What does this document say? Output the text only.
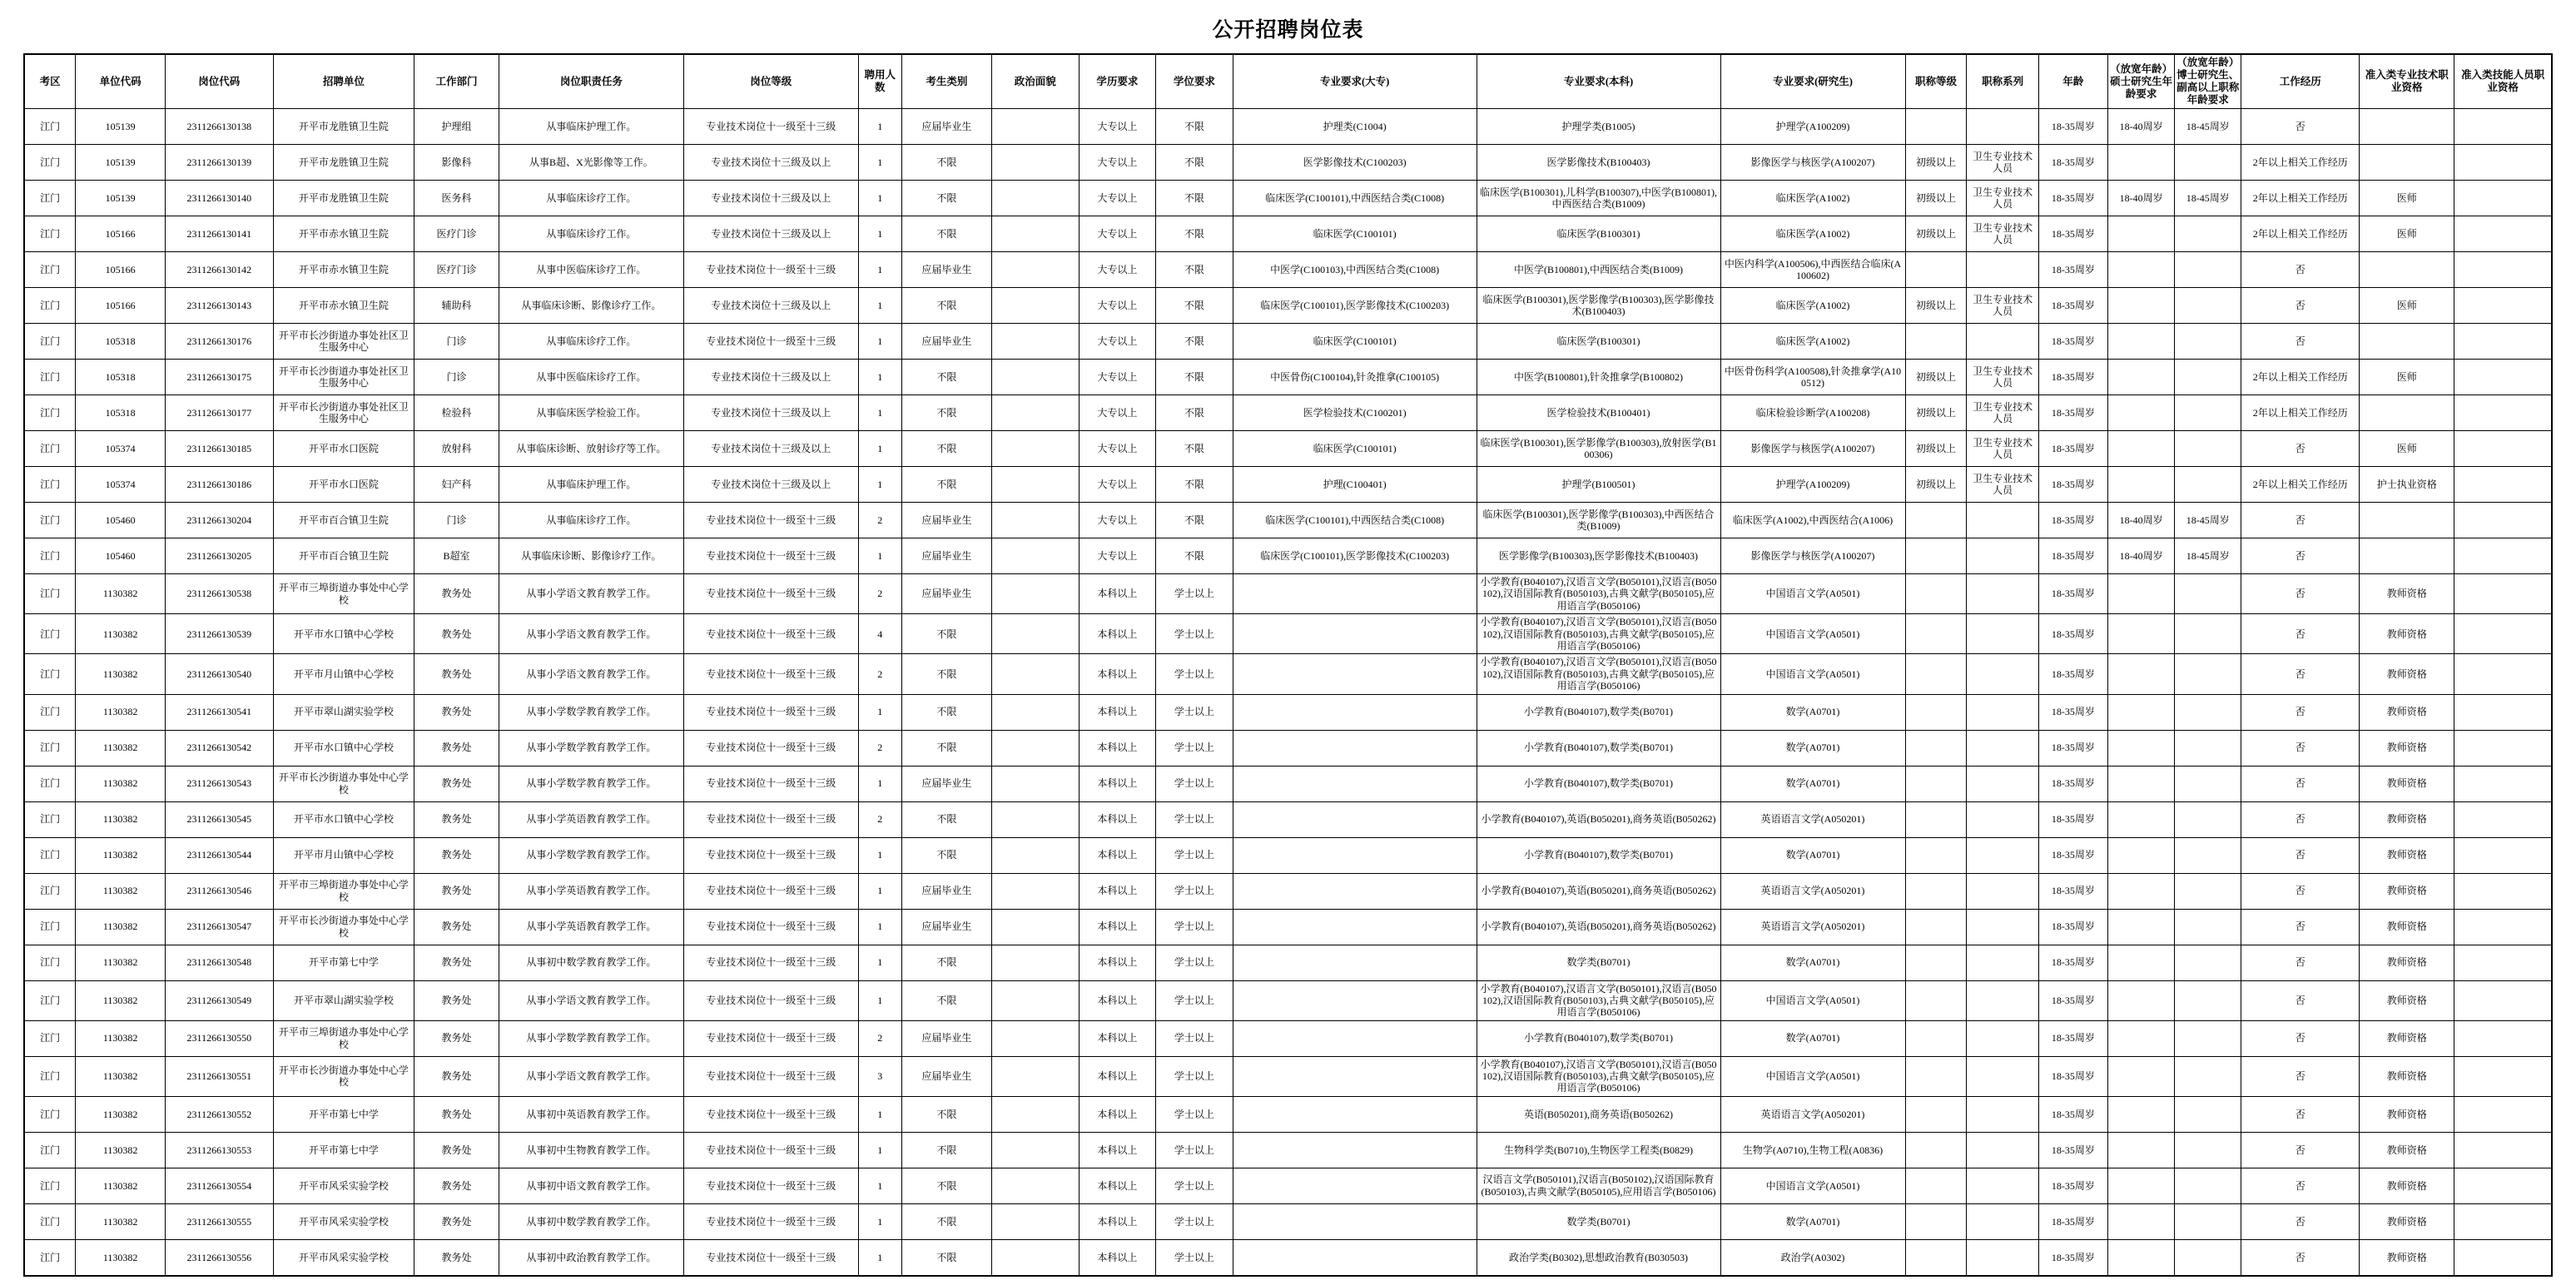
公开招聘岗位表
考区	单位代码	岗位代码	招聘单位	工作部门	岗位职责任务	岗位等级	聘用人数	考生类别	政治面貌	学历要求	学位要求	专业要求(大专)	专业要求(本科)	专业要求(研究生)	职称等级	职称系列	年龄	（放宽年龄）硕士研究生年龄要求	（放宽年龄）博士研究生、副高以上职称年龄要求	工作经历	准入类专业技术职业资格	准入类技能人员职业资格
江门	105139	2311266130138	开平市龙胜镇卫生院	护理组	从事临床护理工作。	专业技术岗位十一级至十三级	1	应届毕业生		大专以上	不限	护理类(C1004)	护理学类(B1005)	护理学(A100209)			18-35周岁	18-40周岁	18-45周岁	否		
江门	105139	2311266130139	开平市龙胜镇卫生院	影像科	从事B超、X光影像等工作。	专业技术岗位十三级及以上	1	不限		大专以上	不限	医学影像技术(C100203)	医学影像技术(B100403)	影像医学与核医学(A100207)	初级以上	卫生专业技术人员	18-35周岁			2年以上相关工作经历		
江门	105139	2311266130140	开平市龙胜镇卫生院	医务科	从事临床诊疗工作。	专业技术岗位十三级及以上	1	不限		大专以上	不限	临床医学(C100101),中西医结合类(C1008)	临床医学(B100301),儿科学(B100307),中医学(B100801),中西医结合类(B1009)	临床医学(A1002)	初级以上	卫生专业技术人员	18-35周岁	18-40周岁	18-45周岁	2年以上相关工作经历	医师	
江门	105166	2311266130141	开平市赤水镇卫生院	医疗门诊	从事临床诊疗工作。	专业技术岗位十三级及以上	1	不限		大专以上	不限	临床医学(C100101)	临床医学(B100301)	临床医学(A1002)	初级以上	卫生专业技术人员	18-35周岁			2年以上相关工作经历	医师	
江门	105166	2311266130142	开平市赤水镇卫生院	医疗门诊	从事中医临床诊疗工作。	专业技术岗位十一级至十三级	1	应届毕业生		大专以上	不限	中医学(C100103),中西医结合类(C1008)	中医学(B100801),中西医结合类(B1009)	中医内科学(A100506),中西医结合临床(A100602)			18-35周岁			否		
江门	105166	2311266130143	开平市赤水镇卫生院	辅助科	从事临床诊断、影像诊疗工作。	专业技术岗位十三级及以上	1	不限		大专以上	不限	临床医学(C100101),医学影像技术(C100203)	临床医学(B100301),医学影像学(B100303),医学影像技术(B100403)	临床医学(A1002)	初级以上	卫生专业技术人员	18-35周岁			否	医师	
江门	105318	2311266130176	开平市长沙街道办事处社区卫生服务中心	门诊	从事临床诊疗工作。	专业技术岗位十一级至十三级	1	应届毕业生		大专以上	不限	临床医学(C100101)	临床医学(B100301)	临床医学(A1002)			18-35周岁			否		
江门	105318	2311266130175	开平市长沙街道办事处社区卫生服务中心	门诊	从事中医临床诊疗工作。	专业技术岗位十三级及以上	1	不限		大专以上	不限	中医骨伤(C100104),针灸推拿(C100105)	中医学(B100801),针灸推拿学(B100802)	中医骨伤科学(A100508),针灸推拿学(A100512)	初级以上	卫生专业技术人员	18-35周岁			2年以上相关工作经历	医师	
江门	105318	2311266130177	开平市长沙街道办事处社区卫生服务中心	检验科	从事临床医学检验工作。	专业技术岗位十三级及以上	1	不限		大专以上	不限	医学检验技术(C100201)	医学检验技术(B100401)	临床检验诊断学(A100208)	初级以上	卫生专业技术人员	18-35周岁			2年以上相关工作经历		
江门	105374	2311266130185	开平市水口医院	放射科	从事临床诊断、放射诊疗等工作。	专业技术岗位十三级及以上	1	不限		大专以上	不限	临床医学(C100101)	临床医学(B100301),医学影像学(B100303),放射医学(B100306)	影像医学与核医学(A100207)	初级以上	卫生专业技术人员	18-35周岁			否	医师	
江门	105374	2311266130186	开平市水口医院	妇产科	从事临床护理工作。	专业技术岗位十三级及以上	1	不限		大专以上	不限	护理(C100401)	护理学(B100501)	护理学(A100209)	初级以上	卫生专业技术人员	18-35周岁			2年以上相关工作经历	护士执业资格	
江门	105460	2311266130204	开平市百合镇卫生院	门诊	从事临床诊疗工作。	专业技术岗位十一级至十三级	2	应届毕业生		大专以上	不限	临床医学(C100101),中西医结合类(C1008)	临床医学(B100301),医学影像学(B100303),中西医结合类(B1009)	临床医学(A1002),中西医结合(A1006)			18-35周岁	18-40周岁	18-45周岁	否		
江门	105460	2311266130205	开平市百合镇卫生院	B超室	从事临床诊断、影像诊疗工作。	专业技术岗位十一级至十三级	1	应届毕业生		大专以上	不限	临床医学(C100101),医学影像技术(C100203)	医学影像学(B100303),医学影像技术(B100403)	影像医学与核医学(A100207)			18-35周岁	18-40周岁	18-45周岁	否		
江门	1130382	2311266130538	开平市三埠街道办事处中心学校	教务处	从事小学语文教育教学工作。	专业技术岗位十一级至十三级	2	应届毕业生		本科以上	学士以上		小学教育(B040107),汉语言文学(B050101),汉语言(B050102),汉语国际教育(B050103),古典文献学(B050105),应用语言学(B050106)	中国语言文学(A0501)			18-35周岁			否	教师资格	
江门	1130382	2311266130539	开平市水口镇中心学校	教务处	从事小学语文教育教学工作。	专业技术岗位十一级至十三级	4	不限		本科以上	学士以上		小学教育(B040107),汉语言文学(B050101),汉语言(B050102),汉语国际教育(B050103),古典文献学(B050105),应用语言学(B050106)	中国语言文学(A0501)			18-35周岁			否	教师资格	
江门	1130382	2311266130540	开平市月山镇中心学校	教务处	从事小学语文教育教学工作。	专业技术岗位十一级至十三级	2	不限		本科以上	学士以上		小学教育(B040107),汉语言文学(B050101),汉语言(B050102),汉语国际教育(B050103),古典文献学(B050105),应用语言学(B050106)	中国语言文学(A0501)			18-35周岁			否	教师资格	
江门	1130382	2311266130541	开平市翠山湖实验学校	教务处	从事小学数学教育教学工作。	专业技术岗位十一级至十三级	1	不限		本科以上	学士以上		小学教育(B040107),数学类(B0701)	数学(A0701)			18-35周岁			否	教师资格	
江门	1130382	2311266130542	开平市水口镇中心学校	教务处	从事小学数学教育教学工作。	专业技术岗位十一级至十三级	2	不限		本科以上	学士以上		小学教育(B040107),数学类(B0701)	数学(A0701)			18-35周岁			否	教师资格	
江门	1130382	2311266130543	开平市长沙街道办事处中心学校	教务处	从事小学数学教育教学工作。	专业技术岗位十一级至十三级	1	应届毕业生		本科以上	学士以上		小学教育(B040107),数学类(B0701)	数学(A0701)			18-35周岁			否	教师资格	
江门	1130382	2311266130545	开平市水口镇中心学校	教务处	从事小学英语教育教学工作。	专业技术岗位十一级至十三级	2	不限		本科以上	学士以上		小学教育(B040107),英语(B050201),商务英语(B050262)	英语语言文学(A050201)			18-35周岁			否	教师资格	
江门	1130382	2311266130544	开平市月山镇中心学校	教务处	从事小学数学教育教学工作。	专业技术岗位十一级至十三级	1	不限		本科以上	学士以上		小学教育(B040107),数学类(B0701)	数学(A0701)			18-35周岁			否	教师资格	
江门	1130382	2311266130546	开平市三埠街道办事处中心学校	教务处	从事小学英语教育教学工作。	专业技术岗位十一级至十三级	1	应届毕业生		本科以上	学士以上		小学教育(B040107),英语(B050201),商务英语(B050262)	英语语言文学(A050201)			18-35周岁			否	教师资格	
江门	1130382	2311266130547	开平市长沙街道办事处中心学校	教务处	从事小学英语教育教学工作。	专业技术岗位十一级至十三级	1	应届毕业生		本科以上	学士以上		小学教育(B040107),英语(B050201),商务英语(B050262)	英语语言文学(A050201)			18-35周岁			否	教师资格	
江门	1130382	2311266130548	开平市第七中学	教务处	从事初中数学教育教学工作。	专业技术岗位十一级至十三级	1	不限		本科以上	学士以上		数学类(B0701)	数学(A0701)			18-35周岁			否	教师资格	
江门	1130382	2311266130549	开平市翠山湖实验学校	教务处	从事小学语文教育教学工作。	专业技术岗位十一级至十三级	1	不限		本科以上	学士以上		小学教育(B040107),汉语言文学(B050101),汉语言(B050102),汉语国际教育(B050103),古典文献学(B050105),应用语言学(B050106)	中国语言文学(A0501)			18-35周岁			否	教师资格	
江门	1130382	2311266130550	开平市三埠街道办事处中心学校	教务处	从事小学数学教育教学工作。	专业技术岗位十一级至十三级	2	应届毕业生		本科以上	学士以上		小学教育(B040107),数学类(B0701)	数学(A0701)			18-35周岁			否	教师资格	
江门	1130382	2311266130551	开平市长沙街道办事处中心学校	教务处	从事小学语文教育教学工作。	专业技术岗位十一级至十三级	3	应届毕业生		本科以上	学士以上		小学教育(B040107),汉语言文学(B050101),汉语言(B050102),汉语国际教育(B050103),古典文献学(B050105),应用语言学(B050106)	中国语言文学(A0501)			18-35周岁			否	教师资格	
江门	1130382	2311266130552	开平市第七中学	教务处	从事初中英语教育教学工作。	专业技术岗位十一级至十三级	1	不限		本科以上	学士以上		英语(B050201),商务英语(B050262)	英语语言文学(A050201)			18-35周岁			否	教师资格	
江门	1130382	2311266130553	开平市第七中学	教务处	从事初中生物教育教学工作。	专业技术岗位十一级至十三级	1	不限		本科以上	学士以上		生物科学类(B0710),生物医学工程类(B0829)	生物学(A0710),生物工程(A0836)			18-35周岁			否	教师资格	
江门	1130382	2311266130554	开平市风采实验学校	教务处	从事初中语文教育教学工作。	专业技术岗位十一级至十三级	1	不限		本科以上	学士以上		汉语言文学(B050101),汉语言(B050102),汉语国际教育(B050103),古典文献学(B050105),应用语言学(B050106)	中国语言文学(A0501)			18-35周岁			否	教师资格	
江门	1130382	2311266130555	开平市风采实验学校	教务处	从事初中数学教育教学工作。	专业技术岗位十一级至十三级	1	不限		本科以上	学士以上		数学类(B0701)	数学(A0701)			18-35周岁			否	教师资格	
江门	1130382	2311266130556	开平市风采实验学校	教务处	从事初中政治教育教学工作。	专业技术岗位十一级至十三级	1	不限		本科以上	学士以上		政治学类(B0302),思想政治教育(B030503)	政治学(A0302)			18-35周岁			否	教师资格	
